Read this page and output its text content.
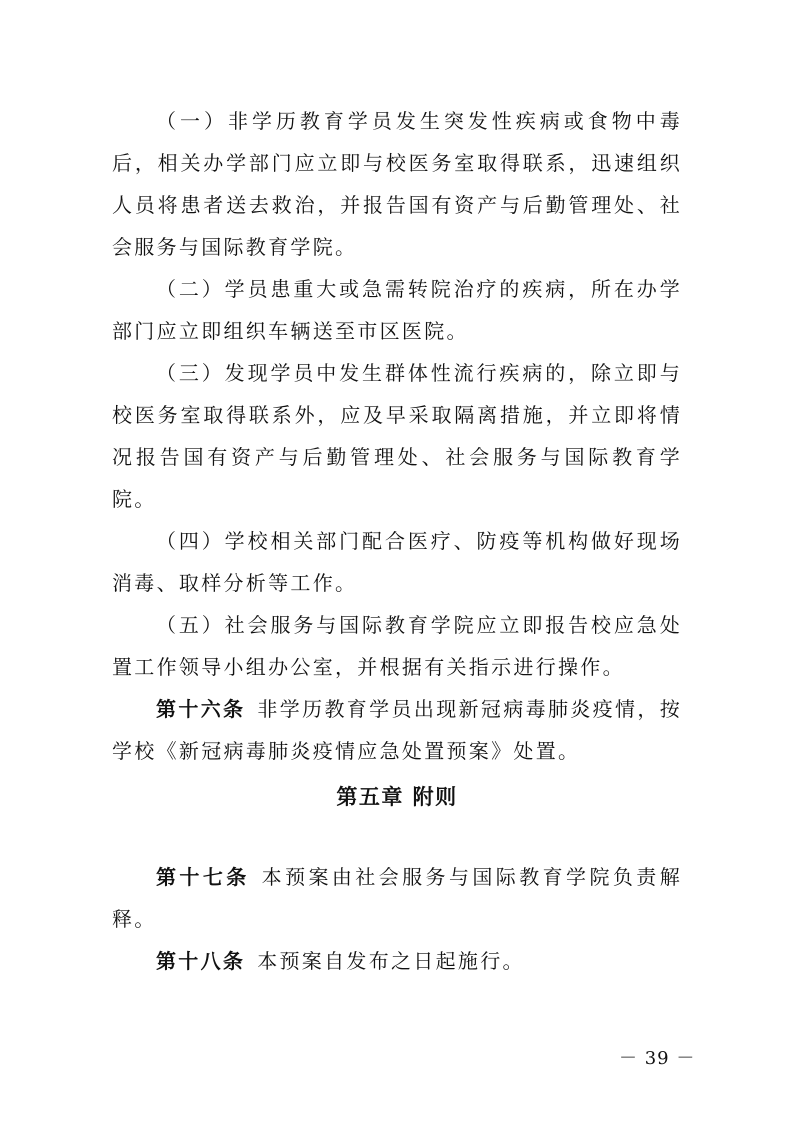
（一）非学历教育学员发生突发性疾病或食物中毒后，相关办学部门应立即与校医务室取得联系，迅速组织人员将患者送去救治，并报告国有资产与后勤管理处、社会服务与国际教育学院。

（二）学员患重大或急需转院治疗的疾病，所在办学部门应立即组织车辆送至市区医院。

（三）发现学员中发生群体性流行疾病的，除立即与校医务室取得联系外，应及早采取隔离措施，并立即将情况报告国有资产与后勤管理处、社会服务与国际教育学院。

（四）学校相关部门配合医疗、防疫等机构做好现场消毒、取样分析等工作。

（五）社会服务与国际教育学院应立即报告校应急处置工作领导小组办公室，并根据有关指示进行操作。

第十六条 非学历教育学员出现新冠病毒肺炎疫情，按学校《新冠病毒肺炎疫情应急处置预案》处置。

第五章 附则

第十七条 本预案由社会服务与国际教育学院负责解释。

第十八条 本预案自发布之日起施行。

－ 39 －
